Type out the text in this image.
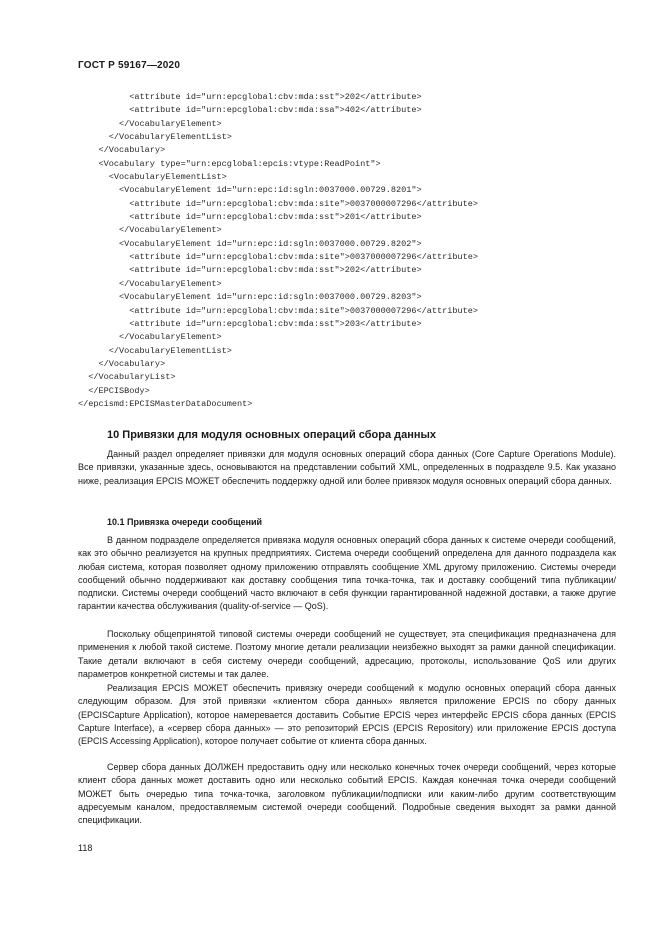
ГОСТ Р 59167—2020
<attribute id="urn:epcglobal:cbv:mda:sst">202</attribute>
<attribute id="urn:epcglobal:cbv:mda:ssa">402</attribute>
</VocabularyElement>
</VocabularyElementList>
</Vocabulary>
<Vocabulary type="urn:epcglobal:epcis:vtype:ReadPoint">
<VocabularyElementList>
<VocabularyElement id="urn:epc:id:sgln:0037000.00729.8201">
<attribute id="urn:epcglobal:cbv:mda:site">0037000007296</attribute>
<attribute id="urn:epcglobal:cbv:mda:sst">201</attribute>
</VocabularyElement>
<VocabularyElement id="urn:epc:id:sgln:0037000.00729.8202">
<attribute id="urn:epcglobal:cbv:mda:site">0037000007296</attribute>
<attribute id="urn:epcglobal:cbv:mda:sst">202</attribute>
</VocabularyElement>
<VocabularyElement id="urn:epc:id:sgln:0037000.00729.8203">
<attribute id="urn:epcglobal:cbv:mda:site">0037000007296</attribute>
<attribute id="urn:epcglobal:cbv:mda:sst">203</attribute>
</VocabularyElement>
</VocabularyElementList>
</Vocabulary>
</VocabularyList>
</EPCISBody>
</epcismd:EPCISMasterDataDocument>
10 Привязки для модуля основных операций сбора данных

Данный раздел определяет привязки для модуля основных операций сбора данных (Core Capture Operations Module). Все привязки, указанные здесь, основываются на представлении событий XML, определенных в подразделе 9.5. Как указано ниже, реализация EPCIS МОЖЕТ обеспечить поддержку одной или более привязок модуля основных операций сбора данных.

10.1 Привязка очереди сообщений

В данном подразделе определяется привязка модуля основных операций сбора данных к системе очереди сообщений, как это обычно реализуется на крупных предприятиях. Система очереди сообщений определена для данного подраздела как любая система, которая позволяет одному приложению отправлять сообщение XML другому приложению. Системы очереди сообщений обычно поддерживают как доставку сообщения типа точка-точка, так и доставку сообщений типа публикации/подписки. Системы очереди сообщений часто включают в себя функции гарантированной надежной доставки, а также другие гарантии качества обслуживания (quality-of-service — QoS).

Поскольку общепринятой типовой системы очереди сообщений не существует, эта спецификация предназначена для применения к любой такой системе. Поэтому многие детали реализации неизбежно выходят за рамки данной спецификации. Такие детали включают в себя систему очереди сообщений, адресацию, протоколы, использование QoS или других параметров конкретной системы и так далее.

Реализация EPCIS МОЖЕТ обеспечить привязку очереди сообщений к модулю основных операций сбора данных следующим образом. Для этой привязки «клиентом сбора данных» является приложение EPCIS по сбору данных (EPCISCapture Application), которое намеревается доставить Событие EPCIS через интерфейс EPCIS сбора данных (EPCIS Capture Interface), а «сервер сбора данных» — это репозиторий EPCIS (EPCIS Repository) или приложение EPCIS доступа (EPCIS Accessing Application), которое получает событие от клиента сбора данных.

Сервер сбора данных ДОЛЖЕН предоставить одну или несколько конечных точек очереди сообщений, через которые клиент сбора данных может доставить одно или несколько событий EPCIS. Каждая конечная точка очереди сообщений МОЖЕТ быть очередью типа точка-точка, заголовком публикации/подписки или каким-либо другим соответствующим адресуемым каналом, предоставляемым системой очереди сообщений. Подробные сведения выходят за рамки данной спецификации.

118
